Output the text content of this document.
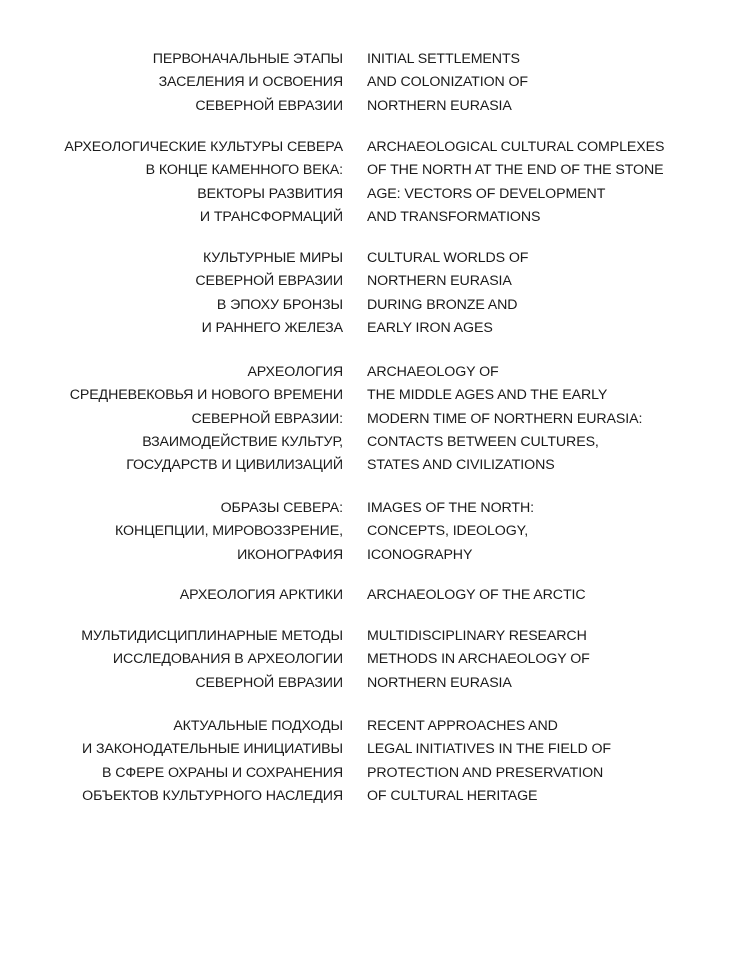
ПЕРВОНАЧАЛЬНЫЕ ЭТАПЫ
ЗАСЕЛЕНИЯ И ОСВОЕНИЯ
СЕВЕРНОЙ ЕВРАЗИИ
INITIAL SETTLEMENTS
AND COLONIZATION OF
NORTHERN EURASIA
АРХЕОЛОГИЧЕСКИЕ КУЛЬТУРЫ СЕВЕРА
В КОНЦЕ КАМЕННОГО ВЕКА:
ВЕКТОРЫ РАЗВИТИЯ
И ТРАНСФОРМАЦИЙ
ARCHAEOLOGICAL CULTURAL COMPLEXES
OF THE NORTH AT THE END OF THE STONE
AGE: VECTORS OF DEVELOPMENT
AND TRANSFORMATIONS
КУЛЬТУРНЫЕ МИРЫ
СЕВЕРНОЙ ЕВРАЗИИ
В ЭПОХУ БРОНЗЫ
И РАННЕГО ЖЕЛЕЗА
CULTURAL WORLDS OF
NORTHERN EURASIA
DURING BRONZE AND
EARLY IRON AGES
АРХЕОЛОГИЯ
СРЕДНЕВЕКОВЬЯ И НОВОГО ВРЕМЕНИ
СЕВЕРНОЙ ЕВРАЗИИ:
ВЗАИМОДЕЙСТВИЕ КУЛЬТУР,
ГОСУДАРСТВ И ЦИВИЛИЗАЦИЙ
ARCHAEOLOGY OF
THE MIDDLE AGES AND THE EARLY
MODERN TIME OF NORTHERN EURASIA:
CONTACTS BETWEEN CULTURES,
STATES AND CIVILIZATIONS
ОБРАЗЫ СЕВЕРА:
КОНЦЕПЦИИ, МИРОВОЗЗРЕНИЕ,
ИКОНОГРАФИЯ
IMAGES OF THE NORTH:
CONCEPTS, IDEOLOGY,
ICONOGRAPHY
АРХЕОЛОГИЯ АРКТИКИ ARCHAEOLOGY OF THE ARCTIC
МУЛЬТИДИСЦИПЛИНАРНЫЕ МЕТОДЫ
ИССЛЕДОВАНИЯ В АРХЕОЛОГИИ
СЕВЕРНОЙ ЕВРАЗИИ
MULTIDISCIPLINARY RESEARCH
METHODS IN ARCHAEOLOGY OF
NORTHERN EURASIA
АКТУАЛЬНЫЕ ПОДХОДЫ
И ЗАКОНОДАТЕЛЬНЫЕ ИНИЦИАТИВЫ
В СФЕРЕ ОХРАНЫ И СОХРАНЕНИЯ
ОБЪЕКТОВ КУЛЬТУРНОГО НАСЛЕДИЯ
RECENT APPROACHES AND
LEGAL INITIATIVES IN THE FIELD OF
PROTECTION AND PRESERVATION
OF CULTURAL HERITAGE
